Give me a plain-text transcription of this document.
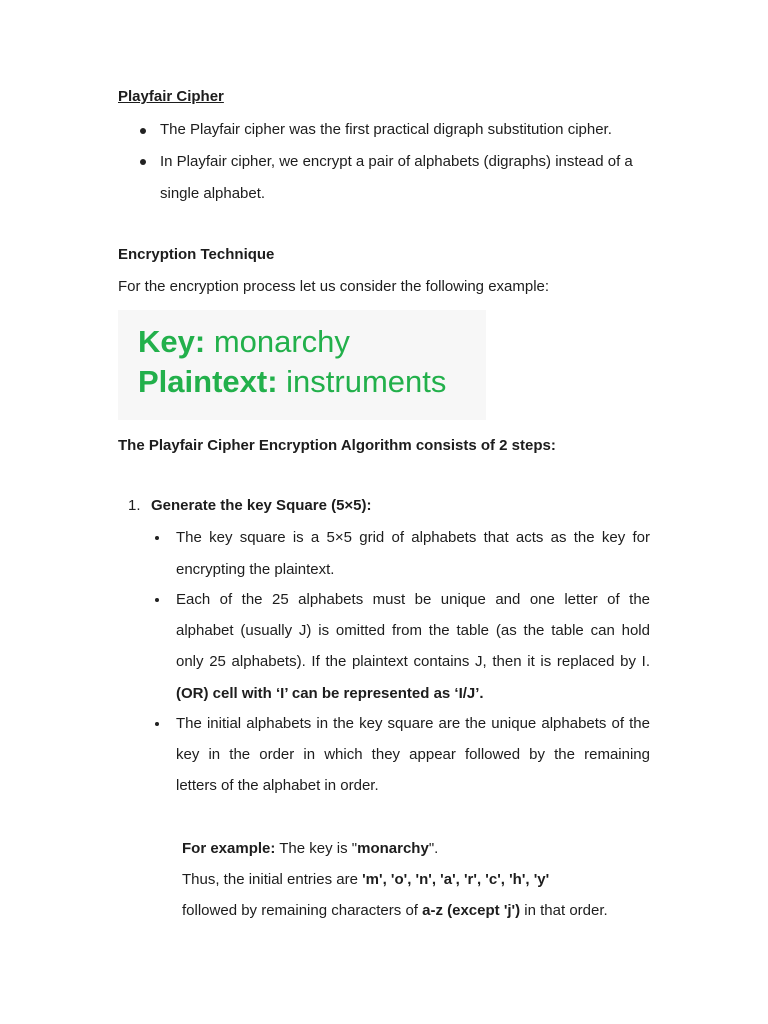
Playfair Cipher
The Playfair cipher was the first practical digraph substitution cipher.
In Playfair cipher, we encrypt a pair of alphabets (digraphs) instead of a
single alphabet.
Encryption Technique
For the encryption process let us consider the following example:
Key: monarchy
Plaintext: instruments
The Playfair Cipher Encryption Algorithm consists of 2 steps:
1. Generate the key Square (5×5):
The key square is a 5×5 grid of alphabets that acts as the key for
encrypting the plaintext.
Each of the 25 alphabets must be unique and one letter of the
alphabet (usually J) is omitted from the table (as the table can hold
only 25 alphabets). If the plaintext contains J, then it is replaced by I.
(OR) cell with ‘I’ can be represented as ‘I/J’.
The initial alphabets in the key square are the unique alphabets of the
key in the order in which they appear followed by the remaining
letters of the alphabet in order.
For example: The key is "monarchy".
Thus, the initial entries are 'm', 'o', 'n', 'a', 'r', 'c', 'h', 'y'
followed by remaining characters of a-z (except 'j') in that order.
